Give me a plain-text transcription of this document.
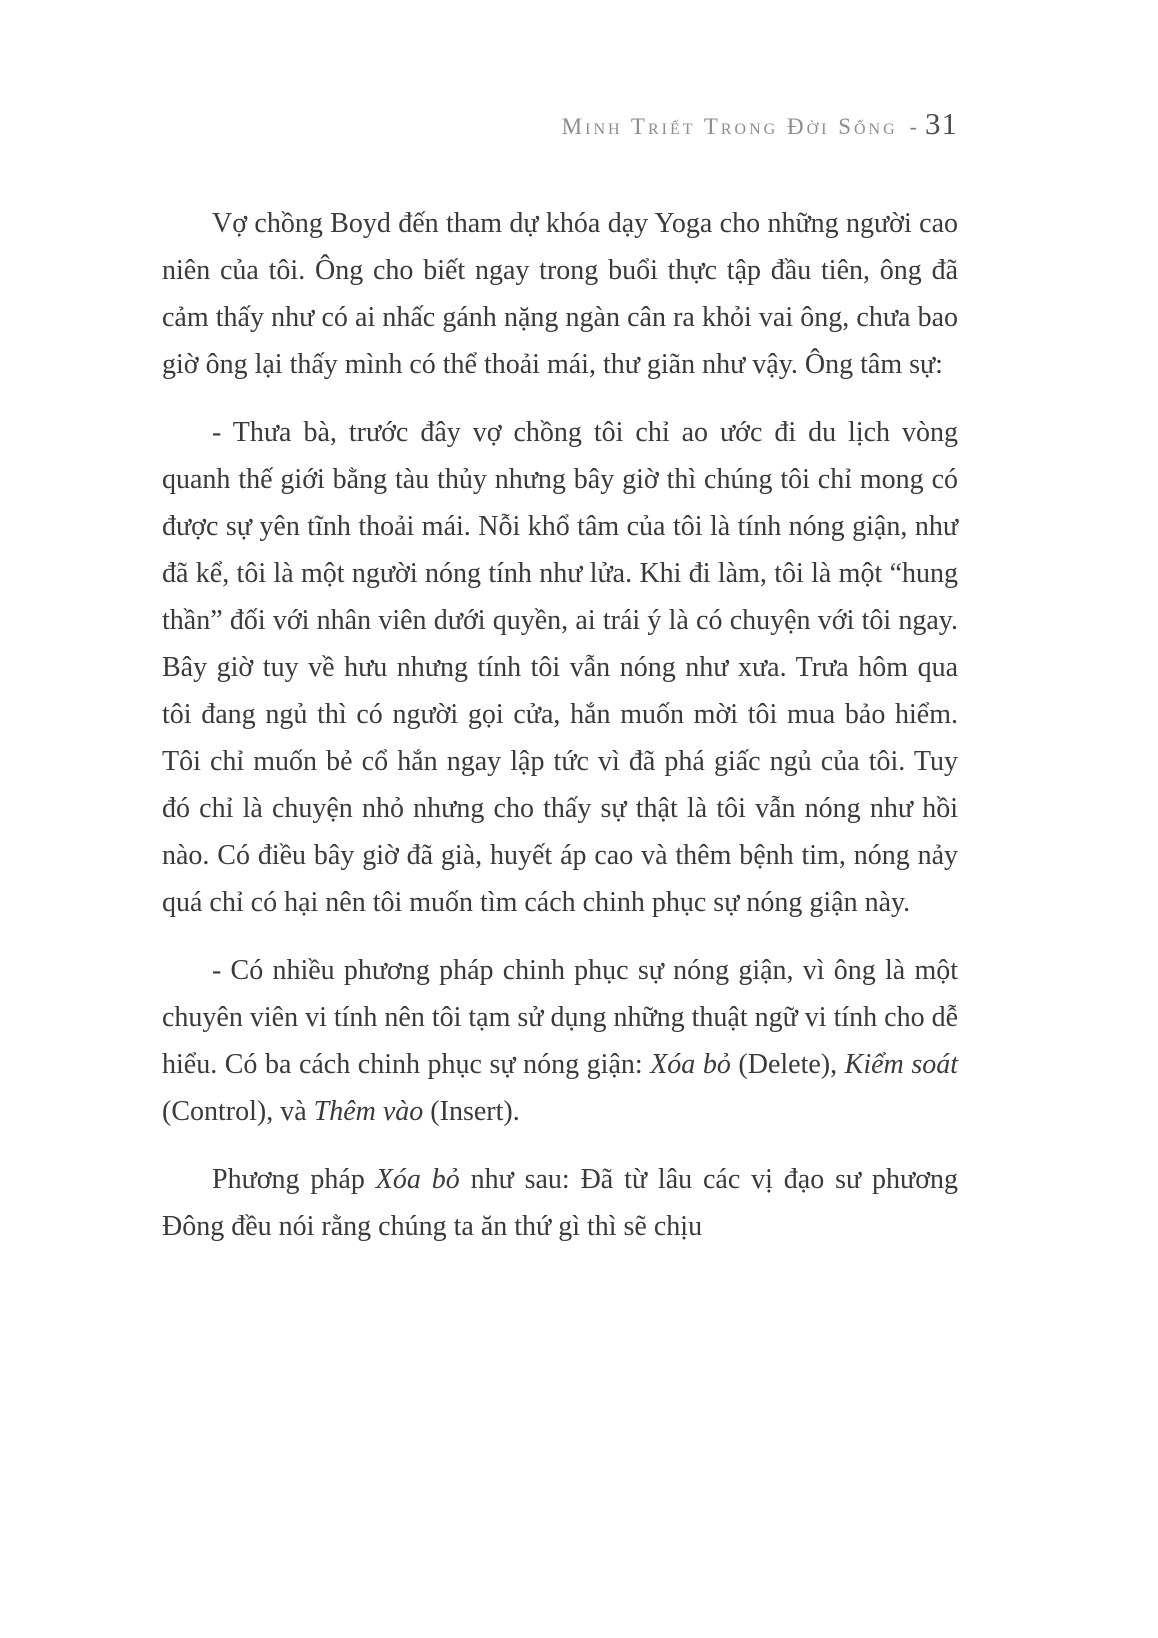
Minh Triết Trong Đời Sống - 31

Vợ chồng Boyd đến tham dự khóa dạy Yoga cho những người cao niên của tôi. Ông cho biết ngay trong buổi thực tập đầu tiên, ông đã cảm thấy như có ai nhấc gánh nặng ngàn cân ra khỏi vai ông, chưa bao giờ ông lại thấy mình có thể thoải mái, thư giãn như vậy. Ông tâm sự:

- Thưa bà, trước đây vợ chồng tôi chỉ ao ước đi du lịch vòng quanh thế giới bằng tàu thủy nhưng bây giờ thì chúng tôi chỉ mong có được sự yên tĩnh thoải mái. Nỗi khổ tâm của tôi là tính nóng giận, như đã kể, tôi là một người nóng tính như lửa. Khi đi làm, tôi là một “hung thần” đối với nhân viên dưới quyền, ai trái ý là có chuyện với tôi ngay. Bây giờ tuy về hưu nhưng tính tôi vẫn nóng như xưa. Trưa hôm qua tôi đang ngủ thì có người gọi cửa, hắn muốn mời tôi mua bảo hiểm. Tôi chỉ muốn bẻ cổ hắn ngay lập tức vì đã phá giấc ngủ của tôi. Tuy đó chỉ là chuyện nhỏ nhưng cho thấy sự thật là tôi vẫn nóng như hồi nào. Có điều bây giờ đã già, huyết áp cao và thêm bệnh tim, nóng nảy quá chỉ có hại nên tôi muốn tìm cách chinh phục sự nóng giận này.

- Có nhiều phương pháp chinh phục sự nóng giận, vì ông là một chuyên viên vi tính nên tôi tạm sử dụng những thuật ngữ vi tính cho dễ hiểu. Có ba cách chinh phục sự nóng giận: Xóa bỏ (Delete), Kiểm soát (Control), và Thêm vào (Insert).

Phương pháp Xóa bỏ như sau: Đã từ lâu các vị đạo sư phương Đông đều nói rằng chúng ta ăn thứ gì thì sẽ chịu
